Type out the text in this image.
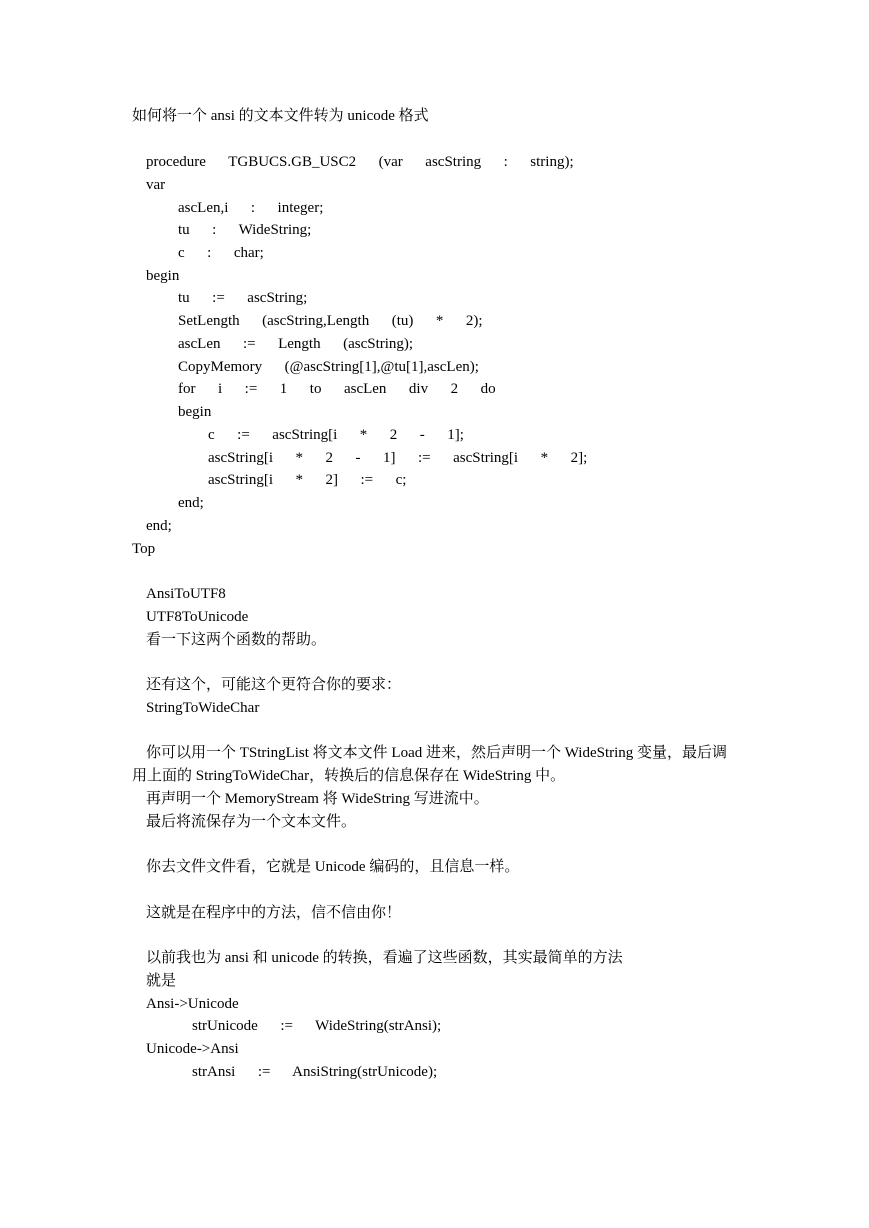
如何将一个 ansi 的文本文件转为 unicode 格式
procedure      TGBUCS.GB_USC2      (var      ascString      :      string);
var
ascLen,i      :      integer;
tu      :      WideString;
c      :      char;
begin
tu      :=      ascString;
SetLength      (ascString,Length      (tu)      *      2);
ascLen      :=      Length      (ascString);
CopyMemory      (@ascString[1],@tu[1],ascLen);
for      i      :=      1      to      ascLen      div      2      do
begin
c      :=      ascString[i      *      2      -      1];
ascString[i      *      2      -      1]      :=      ascString[i      *      2];
ascString[i      *      2]      :=      c;
end;
end;
Top
AnsiToUTF8
UTF8ToUnicode
看一下这两个函数的帮助。
还有这个，可能这个更符合你的要求：
StringToWideChar
你可以用一个 TStringList 将文本文件 Load 进来，然后声明一个 WideString 变量，最后调
用上面的 StringToWideChar，转换后的信息保存在 WideString 中。
再声明一个 MemoryStream 将 WideString 写进流中。
最后将流保存为一个文本文件。
你去文件文件看，它就是 Unicode 编码的，且信息一样。
这就是在程序中的方法，信不信由你！
以前我也为 ansi 和 unicode 的转换，看遍了这些函数，其实最简单的方法
就是
Ansi->Unicode
strUnicode      :=      WideString(strAnsi);
Unicode->Ansi
strAnsi      :=      AnsiString(strUnicode);
